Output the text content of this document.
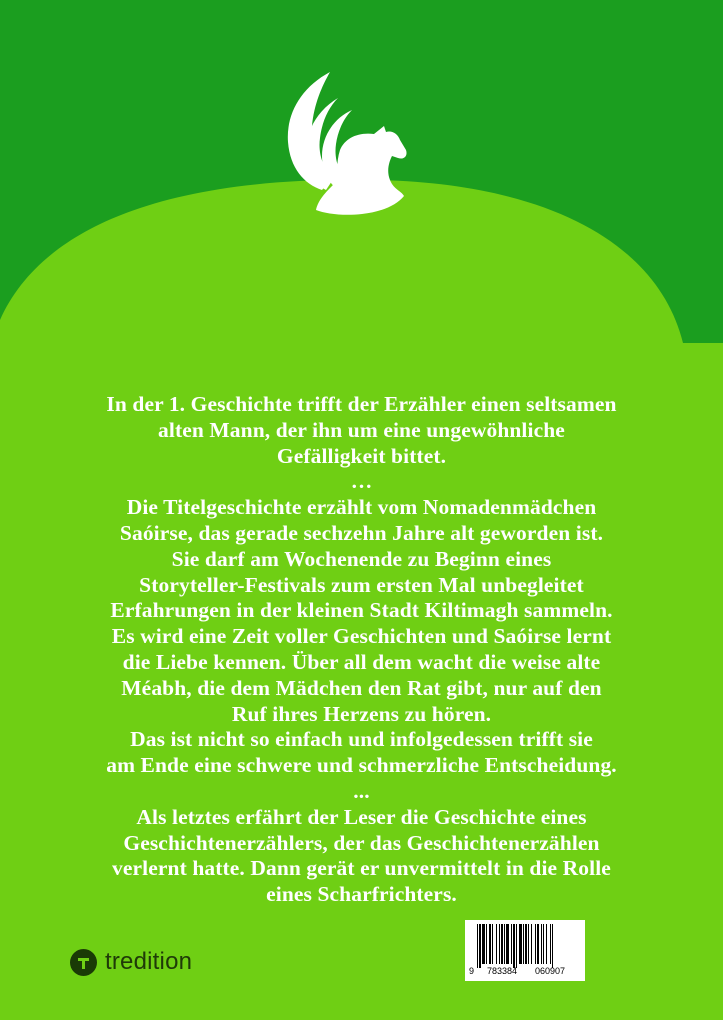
In der 1. Geschichte trifft der Erzähler einen seltsamen
alten Mann, der ihn um eine ungewöhnliche
Gefälligkeit bittet.
…
Die Titelgeschichte erzählt vom Nomadenmädchen
Saóirse, das gerade sechzehn Jahre alt geworden ist.
Sie darf am Wochenende zu Beginn eines
Storyteller-Festivals zum ersten Mal unbegleitet
Erfahrungen in der kleinen Stadt Kiltimagh sammeln.
Es wird eine Zeit voller Geschichten und Saóirse lernt
die Liebe kennen. Über all dem wacht die weise alte
Méabh, die dem Mädchen den Rat gibt, nur auf den
Ruf ihres Herzens zu hören.
Das ist nicht so einfach und infolgedessen trifft sie
am Ende eine schwere und schmerzliche Entscheidung.
...
Als letztes erfährt der Leser die Geschichte eines
Geschichtenerzählers, der das Geschichtenerzählen
verlernt hatte. Dann gerät er unvermittelt in die Rolle
eines Scharfrichters.
tredition	9 783384 060907
